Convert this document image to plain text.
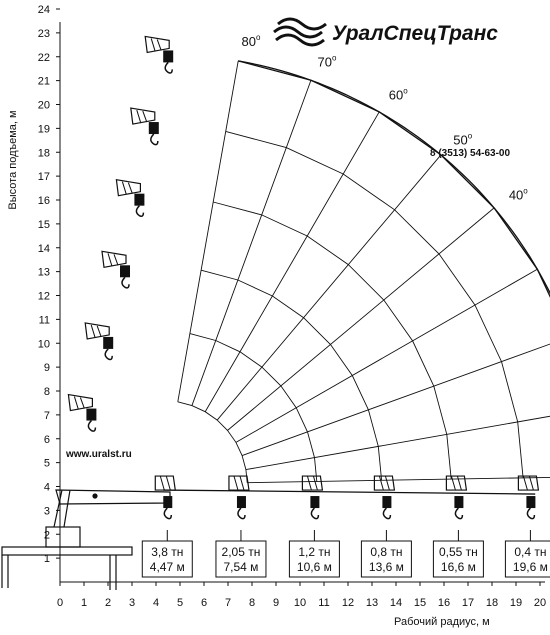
УралСпецТранс
8 (3513) 54-63-00
www.uralst.ru
Рабочий радиус, м
Высота подъема, м
1
2
3
4
5
6
7
8
9
10
11
12
13
14
15
16
17
18
19
20
21
22
23
24
0 1 2 3 4 5 6 7 8 9 10 11 12 13 14 15 16 17 18 19 20
40$^o$
50$^o$
60$^o$
70$^o$
80$^o$
3,8 тн
4,47 м
2,05 тн
7,54 м
1,2 тн
10,6 м
0,8 тн
13,6 м
0,55 тн
16,6 м
0,4 тн
19,6 м
